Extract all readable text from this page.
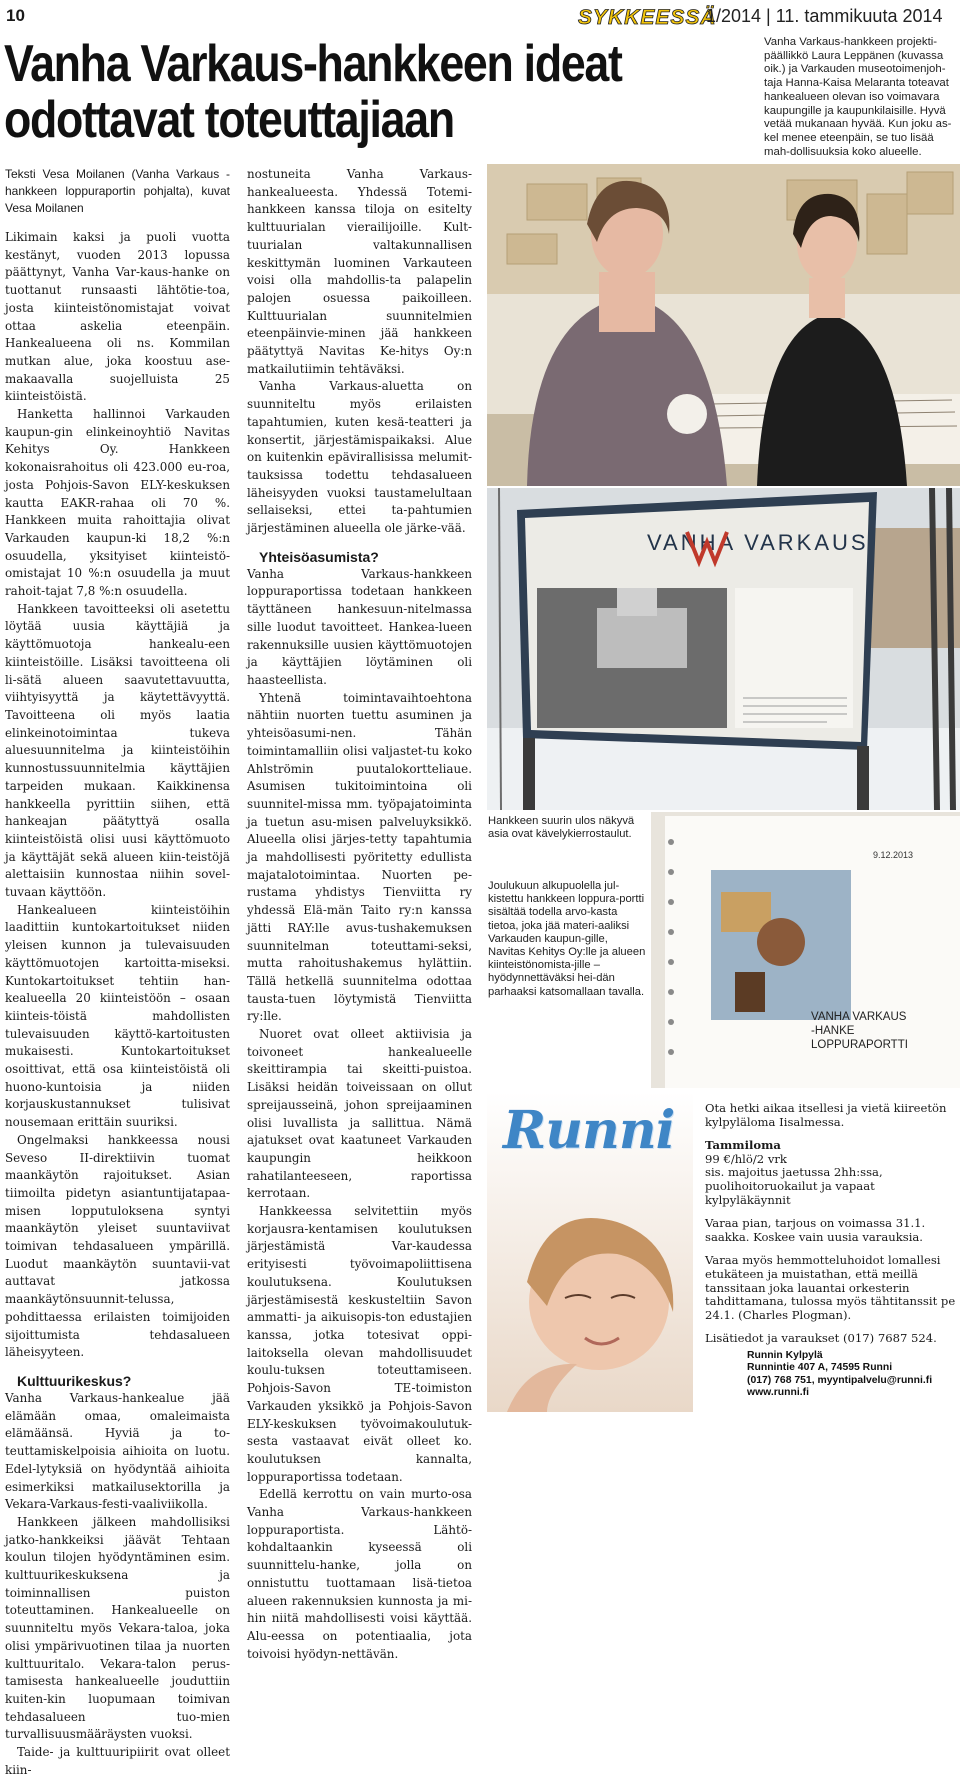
10	SYKKEESSÄ
1/2014 | 11. tammikuuta 2014
Vanha Varkaus-hankkeen ideat
odottavat toteuttajiaan
Vanha Varkaus-hankkeen projekti-päällikkö Laura Leppänen (kuvassa oik.) ja Varkauden museotoimenjoh-taja Hanna-Kaisa Melaranta toteavat hankealueen olevan iso voimavara kaupungille ja kaupunkilaisille. Hyvä vetää mukanaan hyvää. Kun joku as-kel menee eteenpäin, se tuo lisää mah-dollisuuksia koko alueelle.

Teksti Vesa Moilanen (Vanha Varkaus -hankkeen loppuraportin pohjalta), kuvat Vesa Moilanen

Likimain kaksi ja puoli vuotta kestänyt, vuoden 2013 lopussa päättynyt, Vanha Var-kaus-hanke on tuottanut runsaasti lähtötie-toa, josta kiinteistönomistajat voivat ottaa askelia eteenpäin. Hankealueena oli ns. Kommilan mutkan alue, joka koostuu ase-makaavalla suojelluista 25 kiinteistöistä.

Hanketta hallinnoi Varkauden kaupun-gin elinkeinoyhtiö Navitas Kehitys Oy. Hankkeen kokonaisrahoitus oli 423.000 eu-roa, josta Pohjois-Savon ELY-keskuksen kautta EAKR-rahaa oli 70 %. Hankkeen muita rahoittajia olivat Varkauden kaupun-ki 18,2 %:n osuudella, yksityiset kiinteistö-omistajat 10 %:n osuudella ja muut rahoit-tajat 7,8 %:n osuudella.

Hankkeen tavoitteeksi oli asetettu löytää uusia käyttäjiä ja käyttömuotoja hankealu-een kiinteistöille. Lisäksi tavoitteena oli li-sätä alueen saavutettavuutta, viihtyisyyttä ja käytettävyyttä. Tavoitteena oli myös laatia elinkeinotoimintaa tukeva aluesuunnitelma ja kiinteistöihin kunnostussuunnitelmia käyttäjien tarpeiden mukaan. Kaikkinensa hankkeella pyrittiin siihen, että hankeajan päätyttyä osalla kiinteistöistä olisi uusi käyttömuoto ja käyttäjät sekä alueen kiin-teistöjä alettaisiin kunnostaa niihin sovel-tuvaan käyttöön.

Hankealueen kiinteistöihin laadittiin kuntokartoitukset niiden yleisen kunnon ja tulevaisuuden käyttömuotojen kartoitta-miseksi. Kuntokartoitukset tehtiin han-kealueella 20 kiinteistöön – osaan kiinteis-töistä mahdollisten tulevaisuuden käyttö-kartoitusten mukaisesti. Kuntokartoitukset osoittivat, että osa kiinteistöistä oli huono-kuntoisia ja niiden korjauskustannukset tulisivat nousemaan erittäin suuriksi.

Ongelmaksi hankkeessa nousi Seveso II-direktiivin tuomat maankäytön rajoitukset. Asian tiimoilta pidetyn asiantuntijatapaa-misen lopputuloksena syntyi maankäytön yleiset suuntaviivat toimivan tehdasalueen ympärillä. Luodut maankäytön suuntavii-vat auttavat jatkossa maankäytönsuunnit-telussa, pohdittaessa erilaisten toimijoiden sijoittumista tehdasalueen läheisyyteen.

Kulttuurikeskus?

Vanha Varkaus-hankealue jää elämään omaa, omaleimaista elämäänsä. Hyviä ja to-teuttamiskelpoisia aihioita on luotu. Edel-lytyksiä on hyödyntää aihioita esimerkiksi matkailusektorilla ja Vekara-Varkaus-festi-vaaliviikolla.

Hankkeen jälkeen mahdollisiksi jatko-hankkeiksi jäävät Tehtaan koulun tilojen hyödyntäminen esim. kulttuurikeskuksena ja toiminnallisen puiston toteuttaminen. Hankealueelle on suunniteltu myös Vekara-taloa, joka olisi ympärivuotinen tilaa ja nuorten kulttuuritalo. Vekara-talon perus-tamisesta hankealueelle jouduttiin kuiten-kin luopumaan toimivan tehdasalueen tuo-mien turvallisuusmääräysten vuoksi.

Taide- ja kulttuuripiirit ovat olleet kiin-

nostuneita Vanha Varkaus-hankealueesta. Yhdessä Totemi-hankkeen kanssa tiloja on esitelty kulttuurialan vierailijoille. Kult-tuurialan valtakunnallisen keskittymän luominen Varkauteen voisi olla mahdollis-ta palapelin palojen osuessa paikoilleen. Kulttuurialan suunnitelmien eteenpäinvie-minen jää hankkeen päätyttyä Navitas Ke-hitys Oy:n matkailutiimin tehtäväksi.

Vanha Varkaus-aluetta on suunniteltu myös erilaisten tapahtumien, kuten kesä-teatteri ja konsertit, järjestämispaikaksi. Alue on kuitenkin epävirallisissa melumit-tauksissa todettu tehdasalueen läheisyyden vuoksi taustamelultaan sellaiseksi, ettei ta-pahtumien järjestäminen alueella ole järke-vää.

Yhteisöasumista?

Vanha Varkaus-hankkeen loppuraportissa todetaan hankkeen täyttäneen hankesuun-nitelmassa sille luodut tavoitteet. Hankea-lueen rakennuksille uusien käyttömuotojen ja käyttäjien löytäminen oli haasteellista.

Yhtenä toimintavaihtoehtona nähtiin nuorten tuettu asuminen ja yhteisöasumi-nen. Tähän toimintamalliin olisi valjastet-tu koko Ahlströmin puutalokortteliaue. Asumisen tukitoimintoina oli suunnitel-missa mm. työpajatoiminta ja tuetun asu-misen palveluyksikkö. Alueella olisi järjes-tetty tapahtumia ja mahdollisesti pyöritetty edullista majatalotoimintaa. Nuorten pe-rustama yhdistys Tienviitta ry yhdessä Elä-män Taito ry:n kanssa jätti RAY:lle avus-tushakemuksen suunnitelman toteuttami-seksi, mutta rahoitushakemus hylättiin. Tällä hetkellä suunnitelma odottaa tausta-tuen löytymistä Tienviitta ry:lle.

Nuoret ovat olleet aktiivisia ja toivoneet hankealueelle skeittirampia tai skeitti-puistoa. Lisäksi heidän toiveissaan on ollut spreijausseinä, johon spreijaaminen olisi luvallista ja sallittua. Nämä ajatukset ovat kaatuneet Varkauden kaupungin heikkoon rahatilanteeseen, raportissa kerrotaan.

Hankkeessa selvitettiin myös korjausra-kentamisen koulutuksen järjestämistä Var-kaudessa erityisesti työvoimapoliittisena koulutuksena. Koulutuksen järjestämisestä keskusteltiin Savon ammatti- ja aikuisopis-ton edustajien kanssa, jotka totesivat oppi-laitoksella olevan mahdollisuudet koulu-tuksen toteuttamiseen. Pohjois-Savon TE-toimiston Varkauden yksikkö ja Pohjois-Savon ELY-keskuksen työvoimakoulutuk-sesta vastaavat eivät olleet ko. koulutuksen kannalta, loppuraportissa todetaan.

Edellä kerrottu on vain murto-osa Vanha Varkaus-hankkeen loppuraportista. Lähtö-kohdaltaankin kyseessä oli suunnittelu-hanke, jolla on onnistuttu tuottamaan lisä-tietoa alueen rakennuksien kunnosta ja mi-hin niitä mahdollisesti voisi käyttää. Alu-eessa on potentiaalia, jota toivoisi hyödyn-nettävän.

VANHA VARKAUS
9.12.2013
VANHA VARKAUS
-HANKE
LOPPURAPORTTI
Hankkeen suurin ulos näkyvä asia ovat kävelykierrostaulut.
Joulukuun alkupuolella jul-kistettu hankkeen loppura-portti sisältää todella arvo-kasta tietoa, joka jää materi-aaliksi Varkauden kaupun-gille, Navitas Kehitys Oy:lle ja alueen kiinteistönomista-jille – hyödynnettäväksi hei-dän parhaaksi katsomallaan tavalla.
Runni	Ota hetki aikaa itsellesi ja vietä kiireetön kylpyläloma Iisalmessa.

Tammiloma
99 €/hlö/2 vrk
sis. majoitus jaetussa 2hh:ssa, puolihoitoruokailut ja vapaat kylpyläkäynnit

Varaa pian, tarjous on voimassa 31.1. saakka. Koskee vain uusia varauksia.

Varaa myös hemmotteluhoidot lomallesi etukäteen ja muistathan, että meillä tanssitaan joka lauantai orkesterin tahdittamana, tulossa myös tähtitanssit pe 24.1. (Charles Plogman).

Lisätiedot ja varaukset (017) 7687 524.

Runnin Kylpylä
Runnintie 407 A, 74595 Runni
(017) 768 751, myyntipalvelu@runni.fi
www.runni.fi
